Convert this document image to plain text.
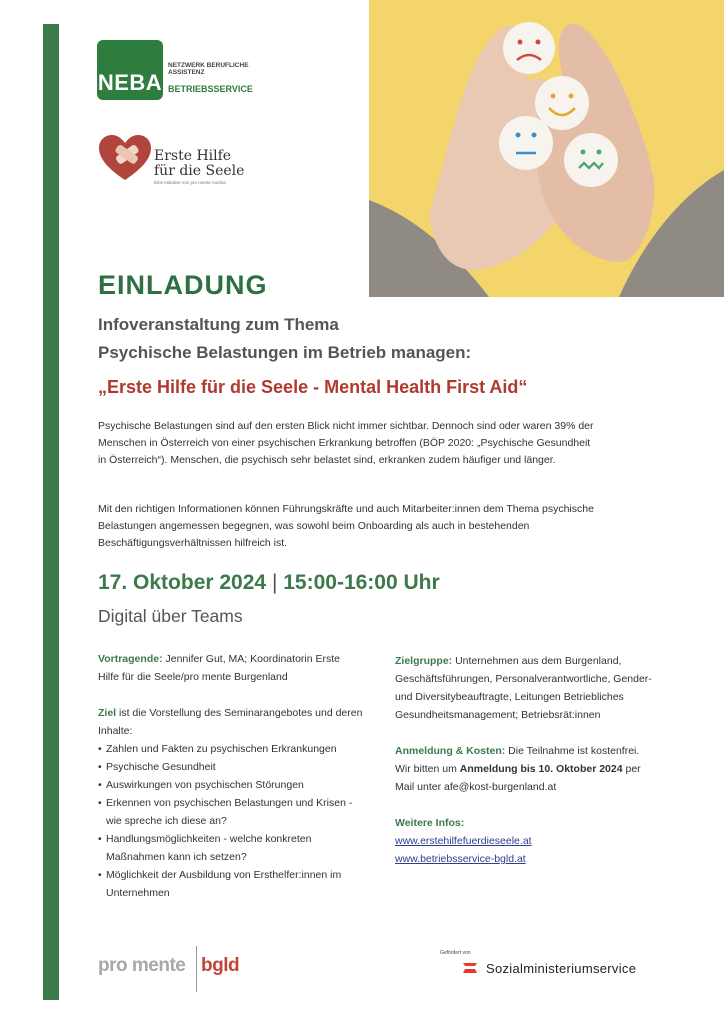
NEBA
NETZWERK BERUFLICHE ASSISTENZ
BETRIEBSSERVICE
Erste Hilfe
für die Seele
Eine Initiative von pro mente Austria
EINLADUNG
Infoveranstaltung zum Thema
Psychische Belastungen im Betrieb managen:
„Erste Hilfe für die Seele - Mental Health First Aid“
Psychische Belastungen sind auf den ersten Blick nicht immer sichtbar. Dennoch sind oder waren 39% der Menschen in Österreich von einer psychischen Erkrankung betroffen (BÖP 2020: „Psychische Gesundheit in Österreich“). Menschen, die psychisch sehr belastet sind, erkranken zudem häufiger und länger.
Mit den richtigen Informationen können Führungskräfte und auch Mitarbeiter:innen dem Thema psychische Belastungen angemessen begegnen, was sowohl beim Onboarding als auch in bestehenden Beschäftigungsverhältnissen hilfreich ist.
17. Oktober 2024 | 15:00-16:00 Uhr
Digital über Teams
Vortragende: Jennifer Gut, MA; Koordinatorin Erste Hilfe für die Seele/pro mente Burgenland
Ziel ist die Vorstellung des Seminarangebotes und deren Inhalte:
• Zahlen und Fakten zu psychischen Erkrankungen
• Psychische Gesundheit
• Auswirkungen von psychischen Störungen
• Erkennen von psychischen Belastungen und Krisen - wie spreche ich diese an?
• Handlungsmöglichkeiten - welche konkreten Maßnahmen kann ich setzen?
• Möglichkeit der Ausbildung von Ersthelfer:innen im Unternehmen
Zielgruppe: Unternehmen aus dem Burgenland, Geschäftsführungen, Personalverantwortliche, Gender- und Diversitybeauftragte, Leitungen Betriebliches Gesundheitsmanagement; Betriebsrät:innen
Anmeldung & Kosten: Die Teilnahme ist kostenfrei. Wir bitten um Anmeldung bis 10. Oktober 2024 per Mail unter afe@kost-burgenland.at
Weitere Infos:
www.erstehilfefuerdieseele.at
www.betriebsservice-bgld.at
pro mente bgld
Gefördert von
Sozialministeriumservice
